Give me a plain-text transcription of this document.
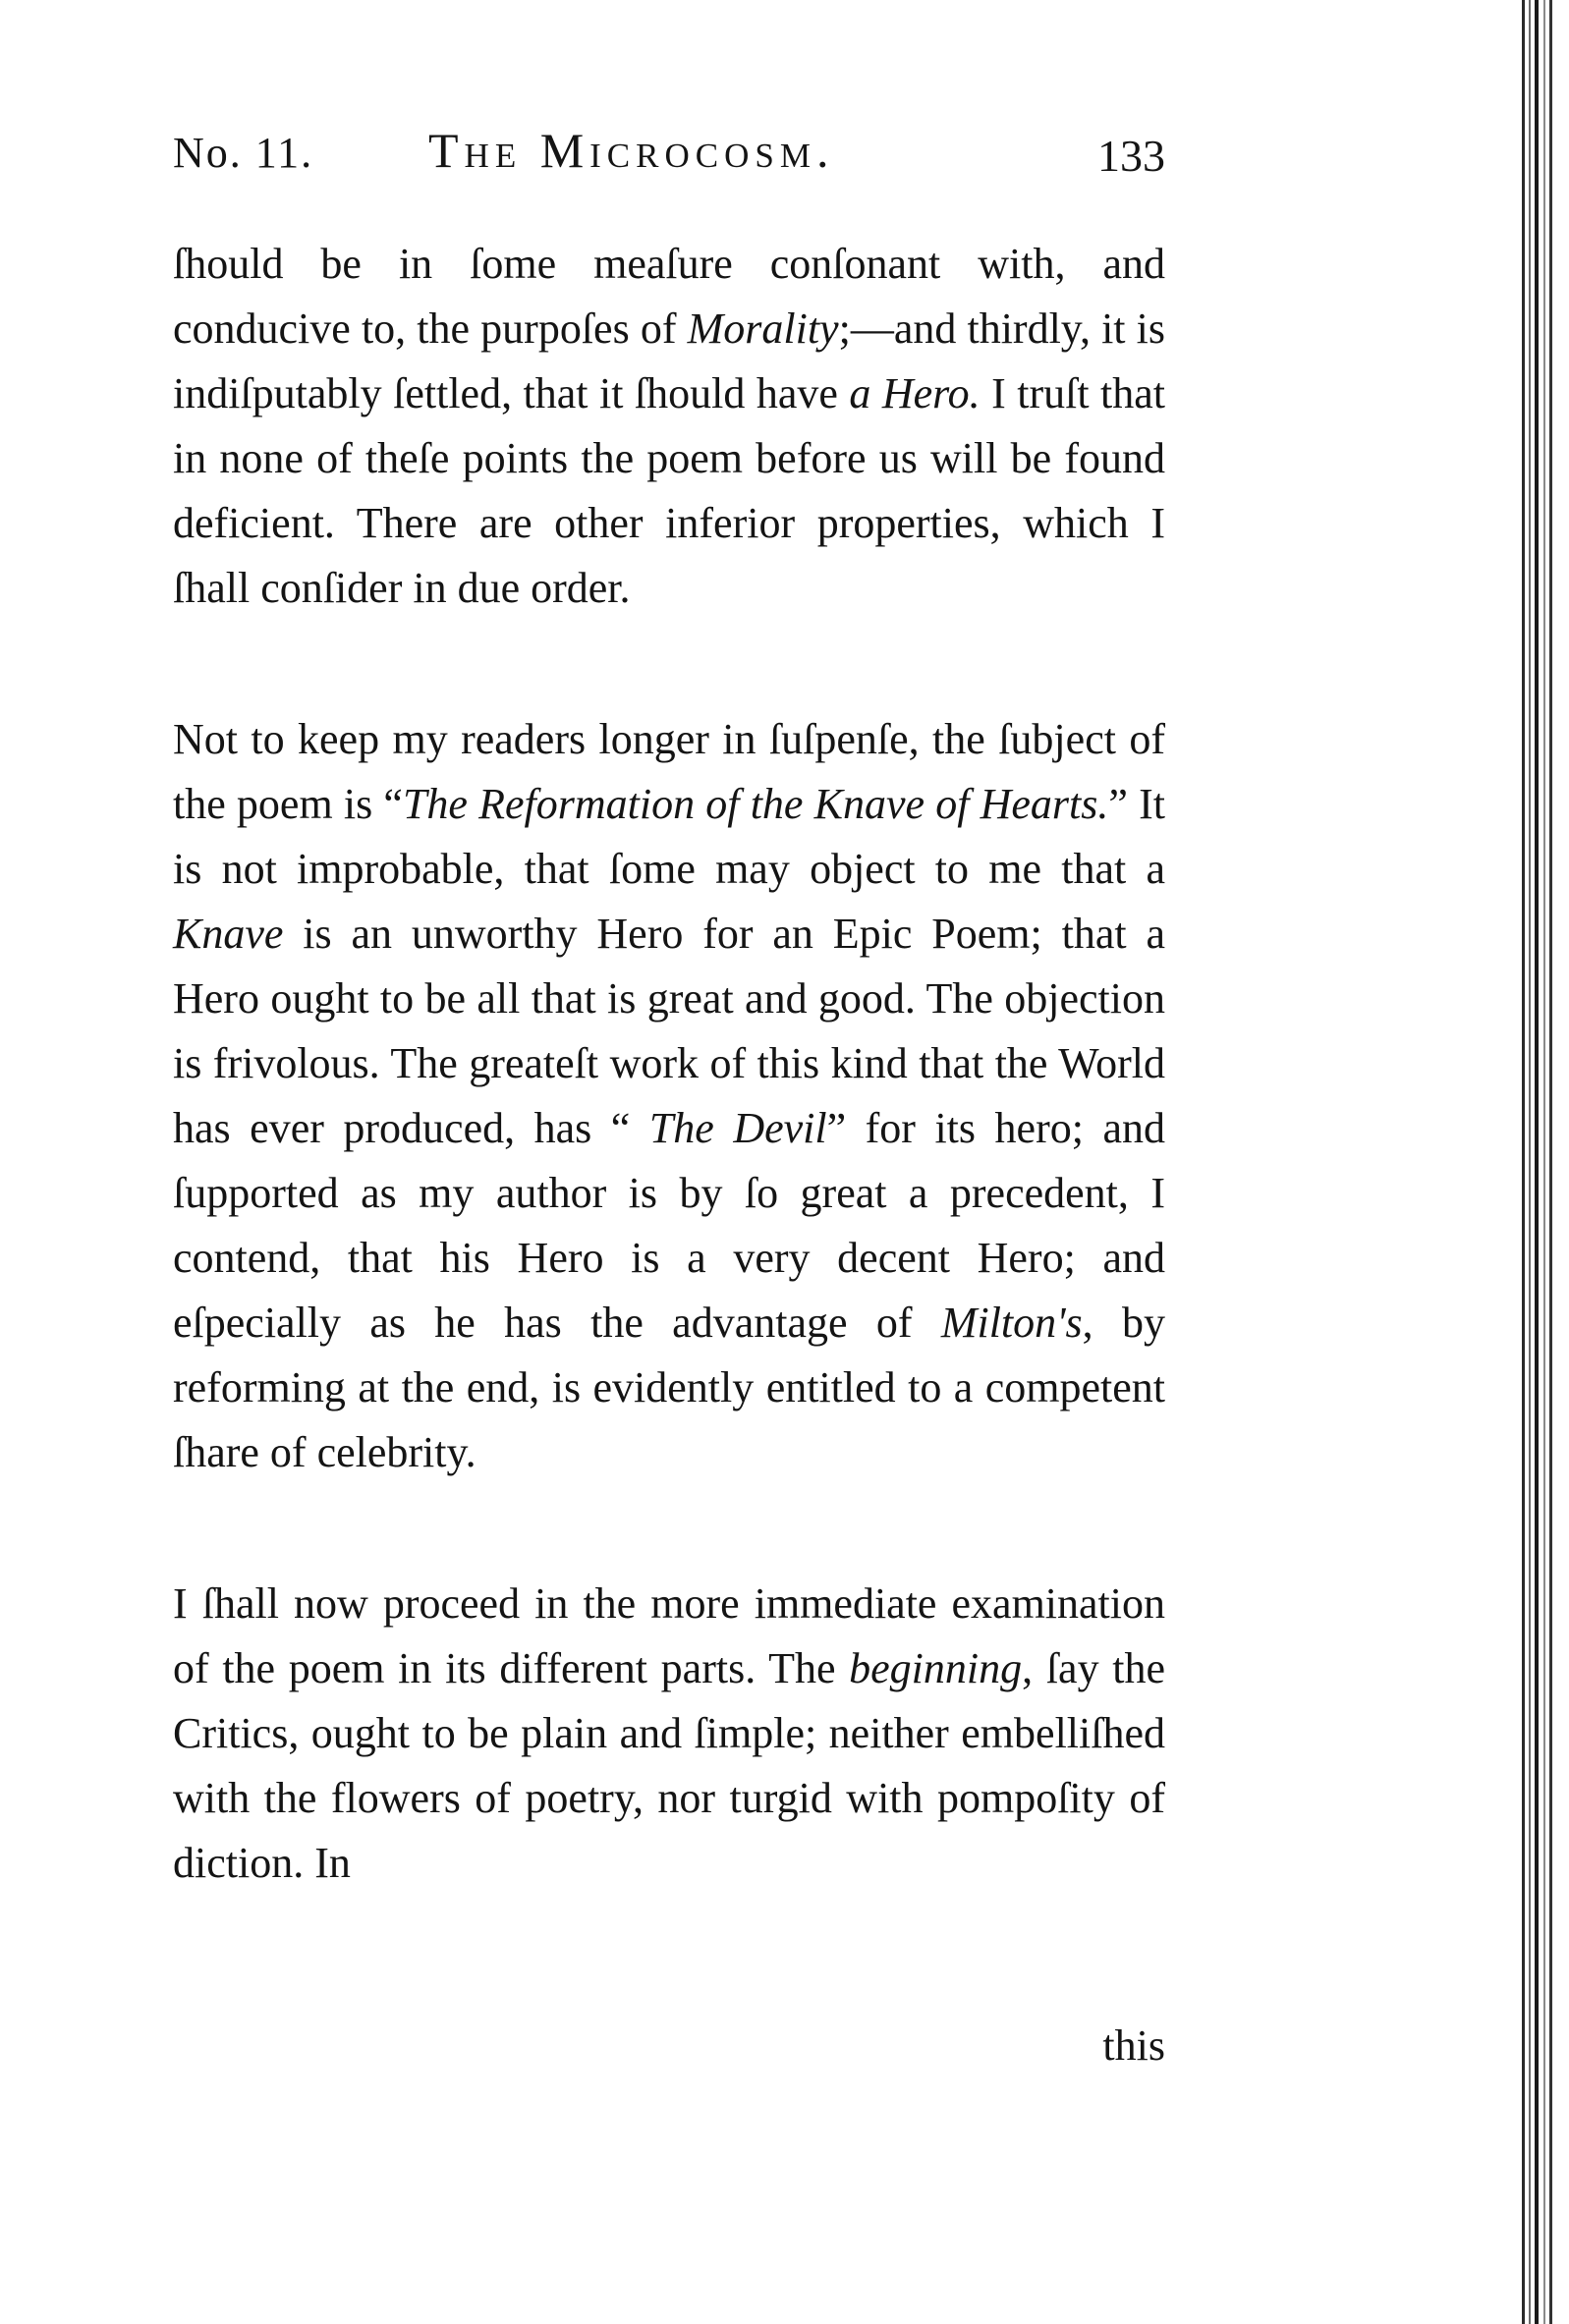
No. 11. The Microcosm.	133

ſhould be in ſome meaſure conſonant with, and conducive to, the purpoſes of Morality;—and thirdly, it is indiſputably ſettled, that it ſhould have a Hero. I truſt that in none of theſe points the poem before us will be found deficient. There are other inferior properties, which I ſhall conſider in due order.

Not to keep my readers longer in ſuſpenſe, the ſubject of the poem is “The Reformation of the Knave of Hearts.” It is not improbable, that ſome may object to me that a Knave is an unworthy Hero for an Epic Poem; that a Hero ought to be all that is great and good. The objection is frivolous. The greateſt work of this kind that the World has ever produced, has “ The Devil” for its hero; and ſupported as my author is by ſo great a precedent, I contend, that his Hero is a very decent Hero; and eſpecially as he has the advantage of Milton's, by reforming at the end, is evidently entitled to a competent ſhare of celebrity.

I ſhall now proceed in the more immediate examination of the poem in its different parts. The beginning, ſay the Critics, ought to be plain and ſimple; neither embelliſhed with the flowers of poetry, nor turgid with pompoſity of diction. In

this
